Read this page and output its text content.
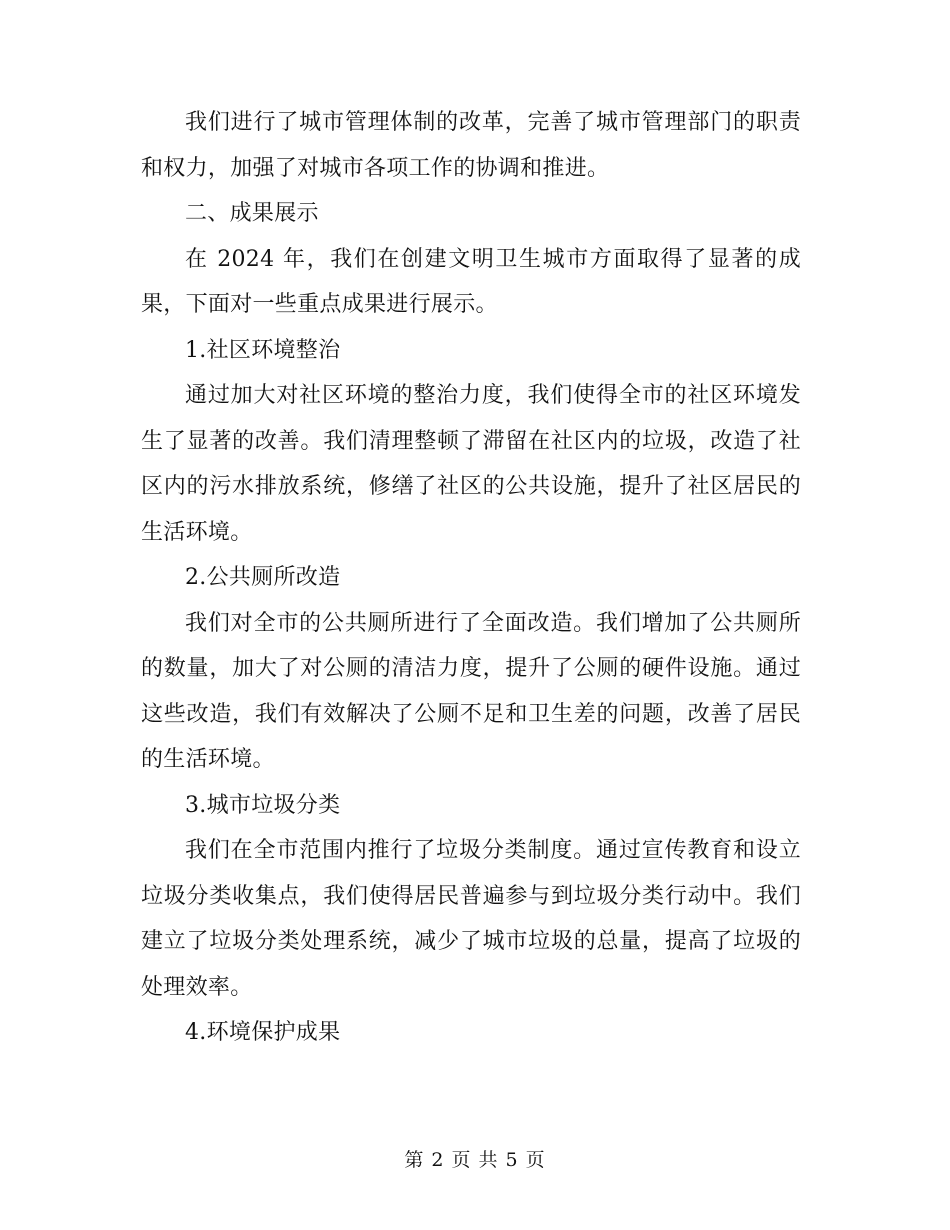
我们进行了城市管理体制的改革，完善了城市管理部门的职责和权力，加强了对城市各项工作的协调和推进。

二、成果展示

在 2024 年，我们在创建文明卫生城市方面取得了显著的成果，下面对一些重点成果进行展示。

1.社区环境整治

通过加大对社区环境的整治力度，我们使得全市的社区环境发生了显著的改善。我们清理整顿了滞留在社区内的垃圾，改造了社区内的污水排放系统，修缮了社区的公共设施，提升了社区居民的生活环境。

2.公共厕所改造

我们对全市的公共厕所进行了全面改造。我们增加了公共厕所的数量，加大了对公厕的清洁力度，提升了公厕的硬件设施。通过这些改造，我们有效解决了公厕不足和卫生差的问题，改善了居民的生活环境。

3.城市垃圾分类

我们在全市范围内推行了垃圾分类制度。通过宣传教育和设立垃圾分类收集点，我们使得居民普遍参与到垃圾分类行动中。我们建立了垃圾分类处理系统，减少了城市垃圾的总量，提高了垃圾的处理效率。

4.环境保护成果

第 2 页 共 5 页
